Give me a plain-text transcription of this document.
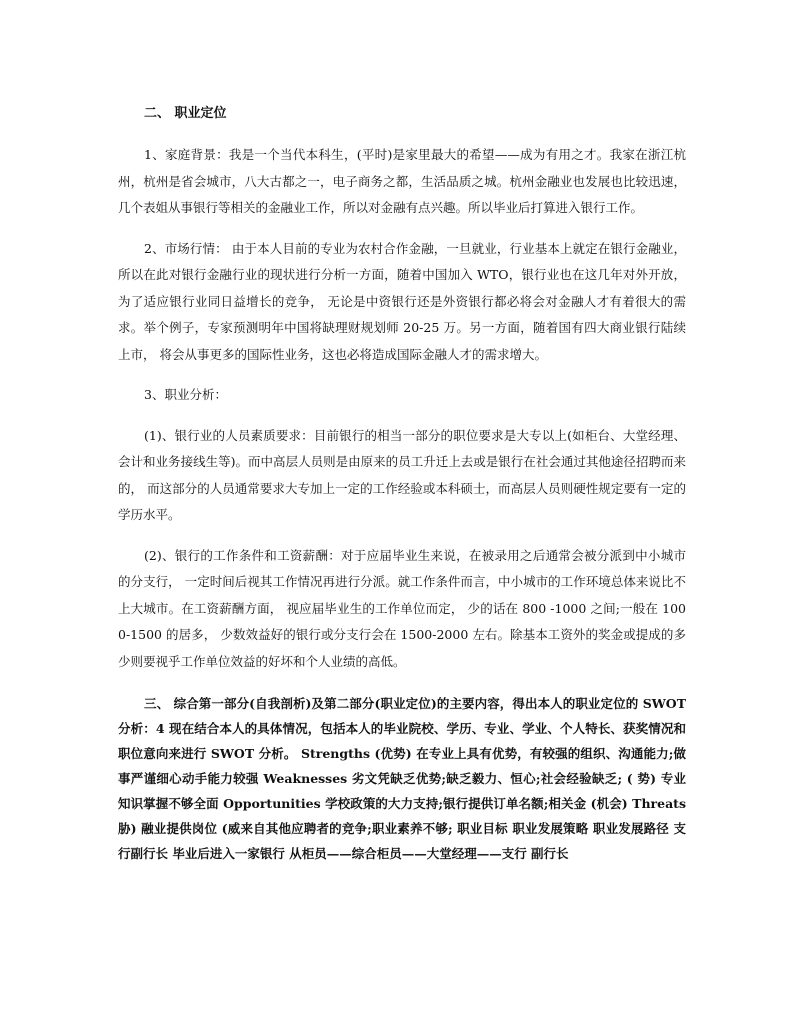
二、 职业定位

1、家庭背景：我是一个当代本科生，(平时)是家里最大的希望——成为有用之才。我家在浙江杭州，杭州是省会城市，八大古都之一，电子商务之都，生活品质之城。杭州金融业也发展也比较迅速，几个表姐从事银行等相关的金融业工作，所以对金融有点兴趣。所以毕业后打算进入银行工作。

2、市场行情： 由于本人目前的专业为农村合作金融，一旦就业，行业基本上就定在银行金融业，所以在此对银行金融行业的现状进行分析一方面，随着中国加入 WTO，银行业也在这几年对外开放，为了适应银行业同日益增长的竞争， 无论是中资银行还是外资银行都必将会对金融人才有着很大的需求。举个例子，专家预测明年中国将缺理财规划师 20-25 万。另一方面，随着国有四大商业银行陆续上市， 将会从事更多的国际性业务，这也必将造成国际金融人才的需求增大。

3、职业分析：

(1)、银行业的人员素质要求：目前银行的相当一部分的职位要求是大专以上(如柜台、大堂经理、会计和业务接线生等)。而中高层人员则是由原来的员工升迁上去或是银行在社会通过其他途径招聘而来的， 而这部分的人员通常要求大专加上一定的工作经验或本科硕士，而高层人员则硬性规定要有一定的学历水平。

(2)、银行的工作条件和工资薪酬：对于应届毕业生来说，在被录用之后通常会被分派到中小城市的分支行， 一定时间后视其工作情况再进行分派。就工作条件而言，中小城市的工作环境总体来说比不上大城市。在工资薪酬方面， 视应届毕业生的工作单位而定， 少的话在 800 -1000 之间;一般在 1000-1500 的居多， 少数效益好的银行或分支行会在 1500-2000 左右。除基本工资外的奖金或提成的多少则要视乎工作单位效益的好坏和个人业绩的高低。

三、 综合第一部分(自我剖析)及第二部分(职业定位)的主要内容，得出本人的职业定位的 SWOT 分析：4 现在结合本人的具体情况，包括本人的毕业院校、学历、专业、学业、个人特长、获奖情况和职位意向来进行 SWOT 分析。 Strengths (优势) 在专业上具有优势，有较强的组织、沟通能力;做事严谨细心动手能力较强 Weaknesses 劣文凭缺乏优势;缺乏毅力、恒心;社会经验缺乏; ( 势) 专业知识掌握不够全面 Opportunities 学校政策的大力支持;银行提供订单名额;相关金 (机会) Threats 胁) 融业提供岗位 (威来自其他应聘者的竞争;职业素养不够; 职业目标 职业发展策略 职业发展路径 支行副行长 毕业后进入一家银行 从柜员——综合柜员——大堂经理——支行 副行长
